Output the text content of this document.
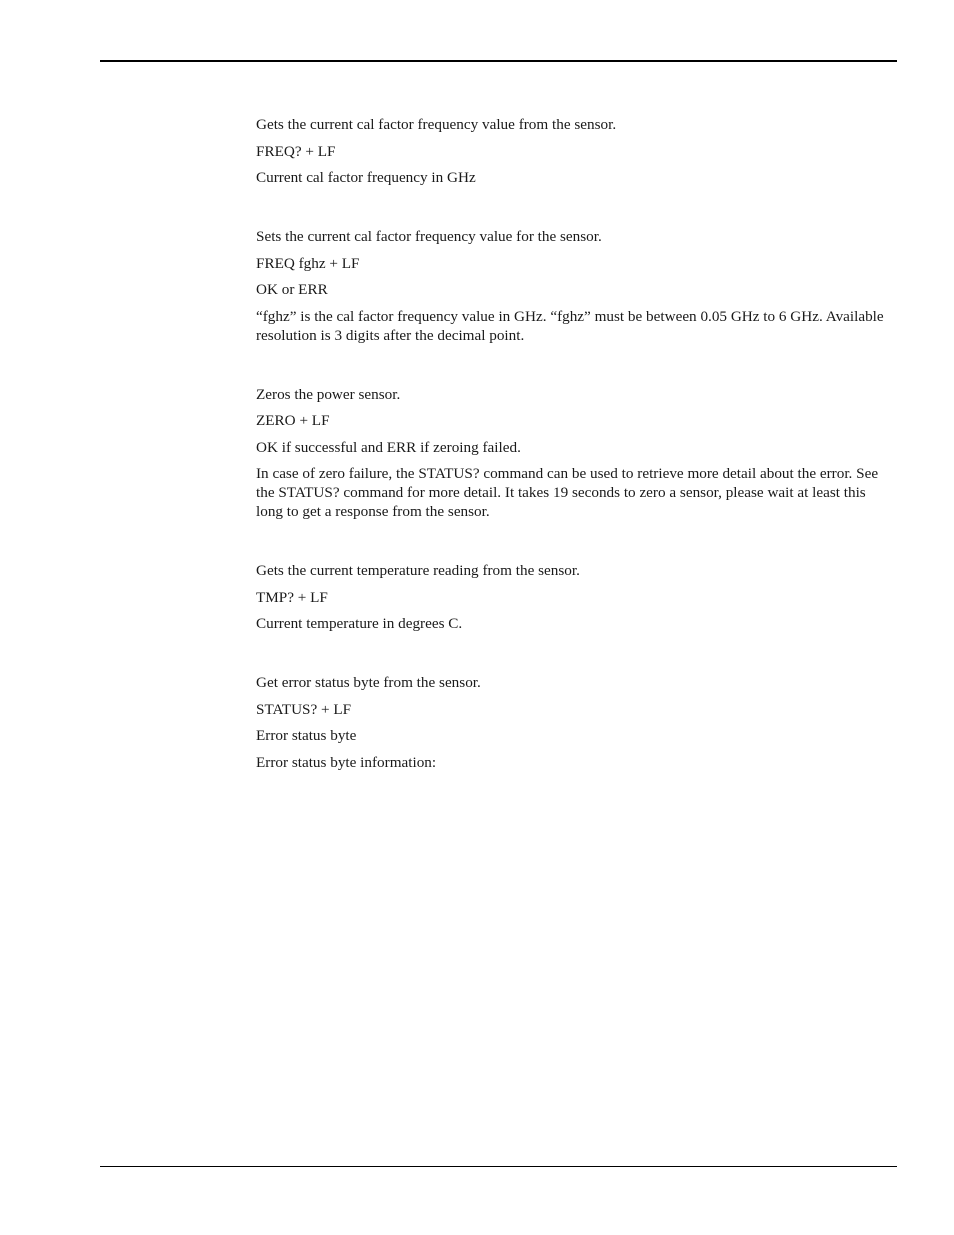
Gets the current cal factor frequency value from the sensor.

FREQ? + LF

Current cal factor frequency in GHz

Sets the current cal factor frequency value for the sensor.

FREQ fghz + LF

OK or ERR

“fghz” is the cal factor frequency value in GHz. “fghz” must be between 0.05 GHz to 6 GHz. Available resolution is 3 digits after the decimal point.

Zeros the power sensor.

ZERO + LF

OK if successful and ERR if zeroing failed.

In case of zero failure, the STATUS? command can be used to retrieve more detail about the error. See the STATUS? command for more detail. It takes 19 seconds to zero a sensor, please wait at least this long to get a response from the sensor.

Gets the current temperature reading from the sensor.

TMP? + LF

Current temperature in degrees C.

Get error status byte from the sensor.

STATUS? + LF

Error status byte

Error status byte information:
